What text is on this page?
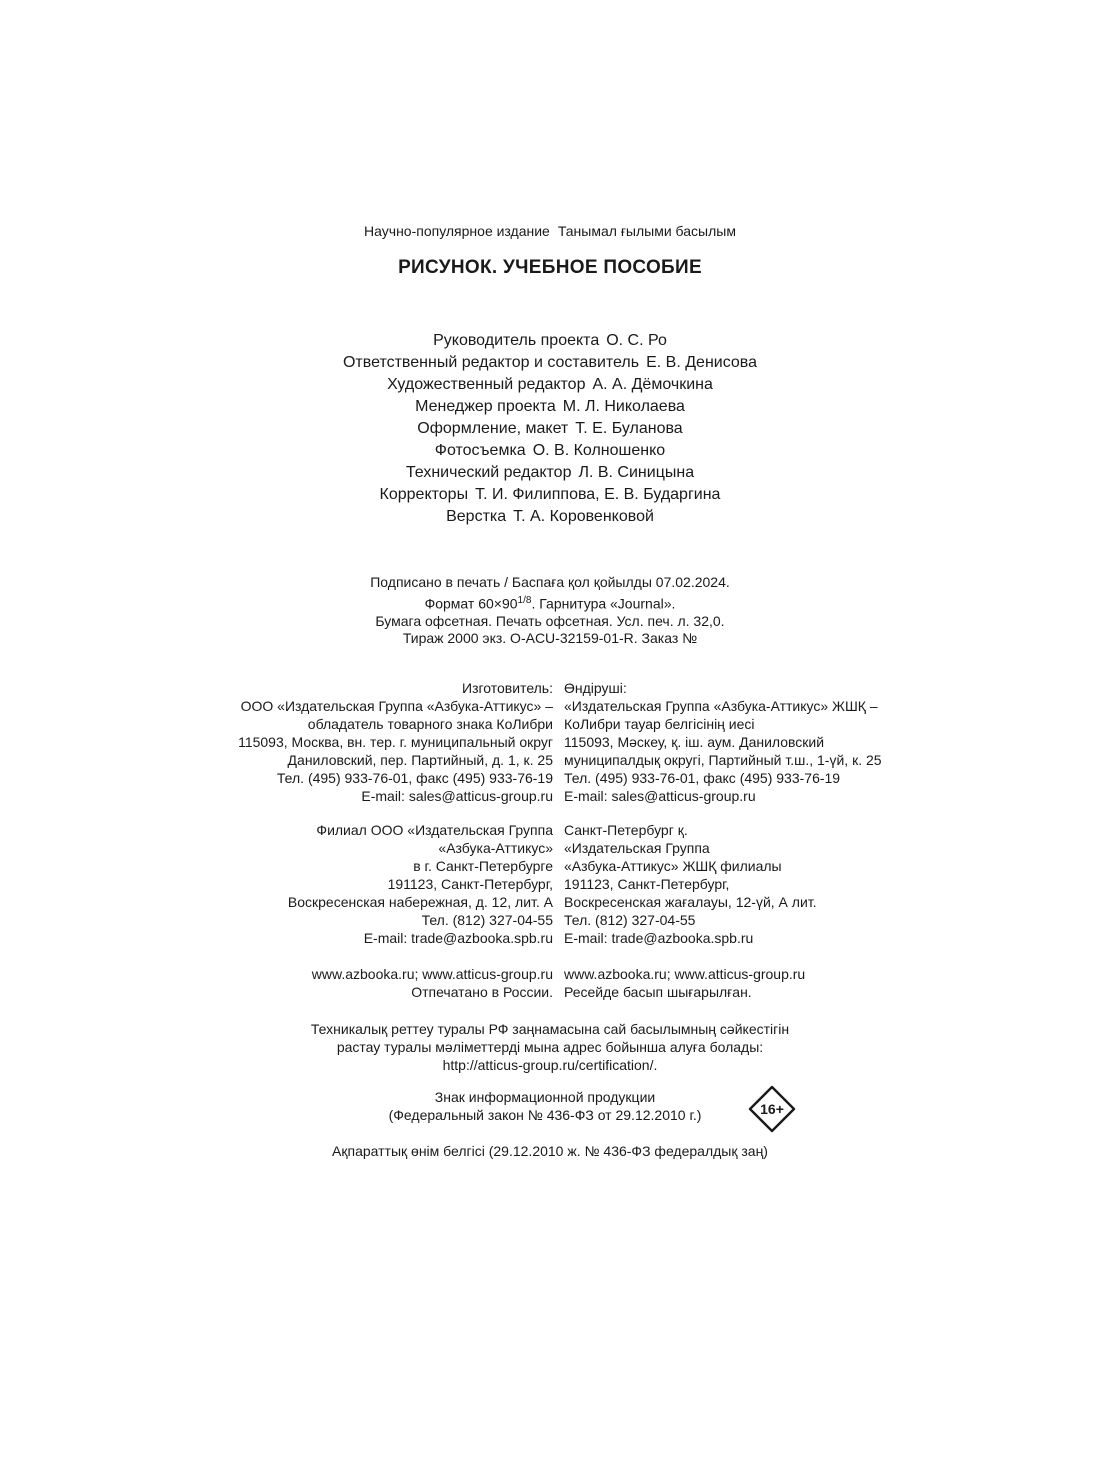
Научно-популярное издание Танымал ғылыми басылым
РИСУНОК. УЧЕБНОЕ ПОСОБИЕ
Руководитель проекта О. С. Ро
Ответственный редактор и составитель Е. В. Денисова
Художественный редактор А. А. Дёмочкина
Менеджер проекта М. Л. Николаева
Оформление, макет Т. Е. Буланова
Фотосъемка О. В. Колношенко
Технический редактор Л. В. Синицына
Корректоры Т. И. Филиппова, Е. В. Бударгина
Верстка Т. А. Коровенковой
Подписано в печать / Баспаға қол қойылды 07.02.2024.
Формат $60\times 90^{1/8}$. Гарнитура «Journal».
Бумага офсетная. Печать офсетная. Усл. печ. л. 32,0.
Тираж 2000 экз. O-ACU-32159-01-R. Заказ №
Изготовитель:
ООО «Издательская Группа «Азбука-Аттикус» –
обладатель товарного знака КоЛибри
115093, Москва, вн. тер. г. муниципальный округ
Даниловский, пер. Партийный, д. 1, к. 25
Тел. (495) 933-76-01, факс (495) 933-76-19
E-mail: sales@atticus-group.ru
Өндіруші:
«Издательская Группа «Азбука-Аттикус» ЖШҚ –
КоЛибри тауар белгісінің иесі
115093, Мәскеу, қ. іш. аум. Даниловский
муниципалдық округі, Партийный т.ш., 1-үй, к. 25
Тел. (495) 933-76-01, факс (495) 933-76-19
E-mail: sales@atticus-group.ru
Филиал ООО «Издательская Группа
«Азбука-Аттикус»
в г. Санкт-Петербурге
191123, Санкт-Петербург,
Воскресенская набережная, д. 12, лит. А
Тел. (812) 327-04-55
E-mail: trade@azbooka.spb.ru
Санкт-Петербург қ.
«Издательская Группа
«Азбука-Аттикус» ЖШҚ филиалы
191123, Санкт-Петербург,
Воскресенская жағалауы, 12-үй, А лит.
Тел. (812) 327-04-55
E-mail: trade@azbooka.spb.ru
www.azbooka.ru; www.atticus-group.ru
Отпечатано в России.
www.azbooka.ru; www.atticus-group.ru
Ресейде басып шығарылған.
Техникалық реттеу туралы РФ заңнамасына сай басылымның сәйкестігін
растау туралы мәліметтерді мына адрес бойынша алуға болады:
http://atticus-group.ru/certification/.
Знак информационной продукции
(Федеральный закон № 436-ФЗ от 29.12.2010 г.)	16+
Ақпараттық өнім белгісі (29.12.2010 ж. № 436-ФЗ федералдық заң)
